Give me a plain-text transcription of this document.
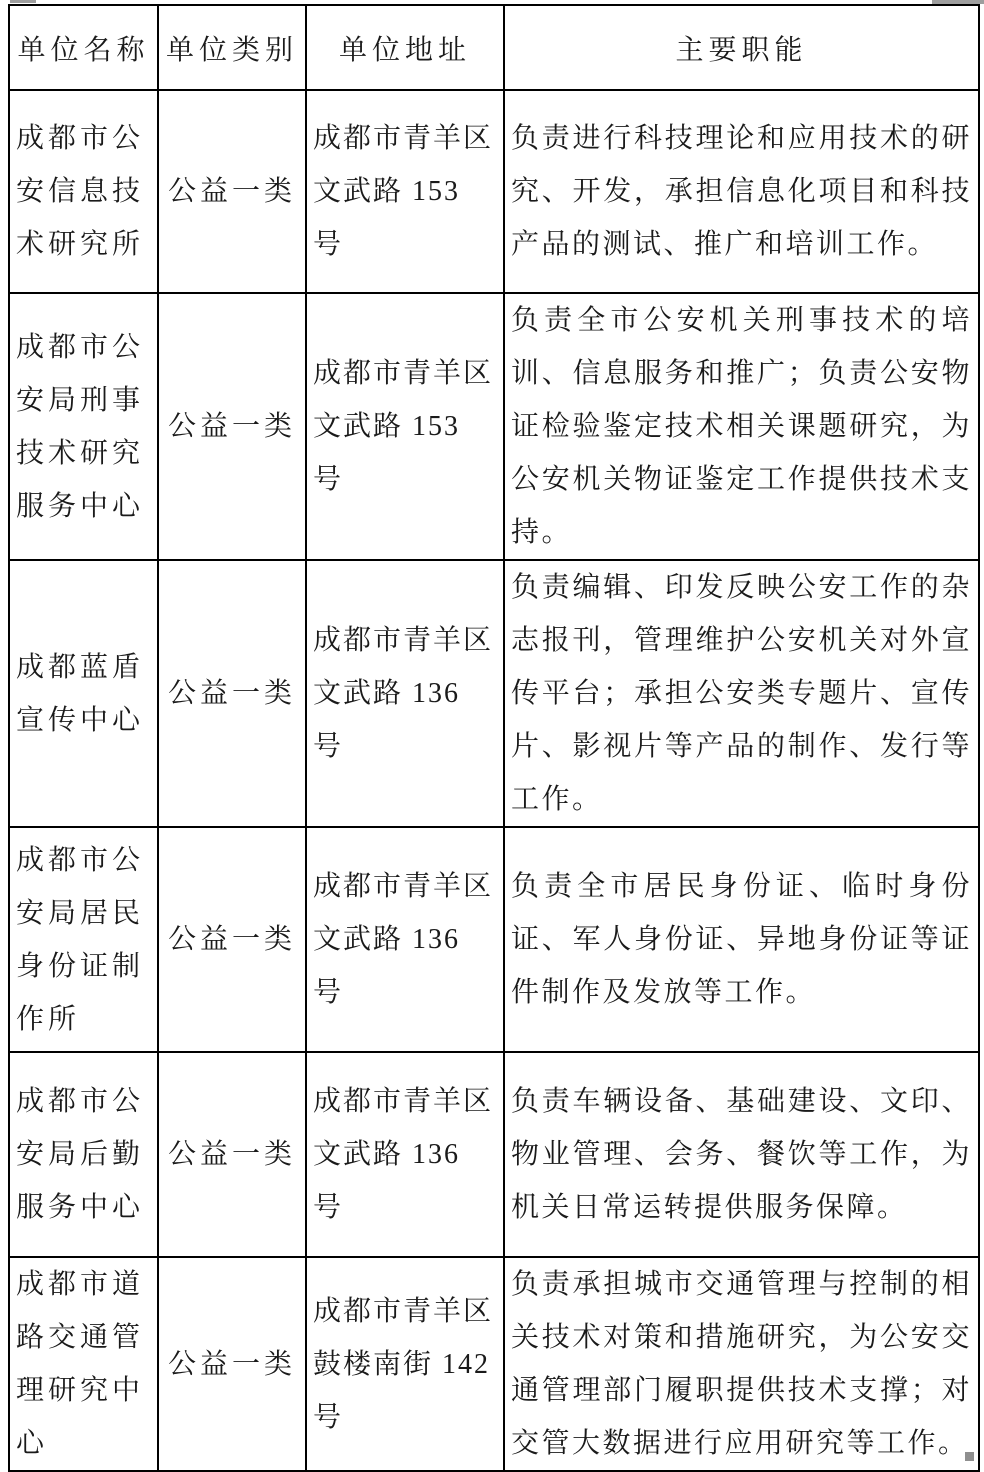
单位名称	单位类别	单位地址	主要职能
成都市公安信息技术研究所	公益一类	成都市青羊区文武路 153 号	负责进行科技理论和应用技术的研究、开发，承担信息化项目和科技产品的测试、推广和培训工作。
成都市公安局刑事技术研究服务中心	公益一类	成都市青羊区文武路 153 号	负责全市公安机关刑事技术的培训、信息服务和推广；负责公安物证检验鉴定技术相关课题研究，为公安机关物证鉴定工作提供技术支持。
成都蓝盾宣传中心	公益一类	成都市青羊区文武路 136 号	负责编辑、印发反映公安工作的杂志报刊，管理维护公安机关对外宣传平台；承担公安类专题片、宣传片、影视片等产品的制作、发行等工作。
成都市公安局居民身份证制作所	公益一类	成都市青羊区文武路 136 号	负责全市居民身份证、临时身份证、军人身份证、异地身份证等证件制作及发放等工作。
成都市公安局后勤服务中心	公益一类	成都市青羊区文武路 136 号	负责车辆设备、基础建设、文印、物业管理、会务、餐饮等工作，为机关日常运转提供服务保障。
成都市道路交通管理研究中心	公益一类	成都市青羊区鼓楼南街 142 号	负责承担城市交通管理与控制的相关技术对策和措施研究，为公安交通管理部门履职提供技术支撑；对交管大数据进行应用研究等工作。
